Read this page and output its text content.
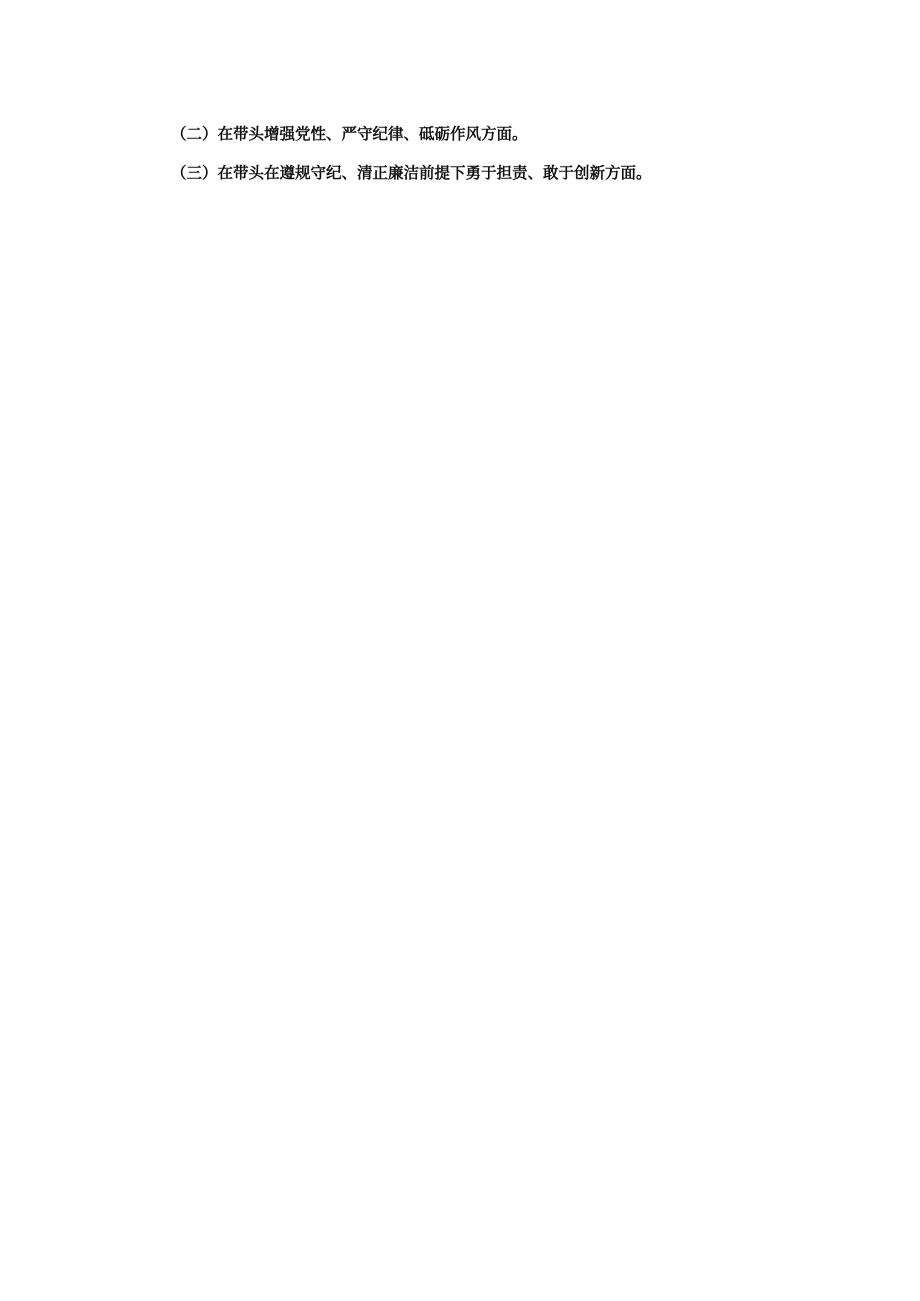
（二）在带头增强党性、严守纪律、砥砺作风方面。

（三）在带头在遵规守纪、清正廉洁前提下勇于担责、敢于创新方面。
